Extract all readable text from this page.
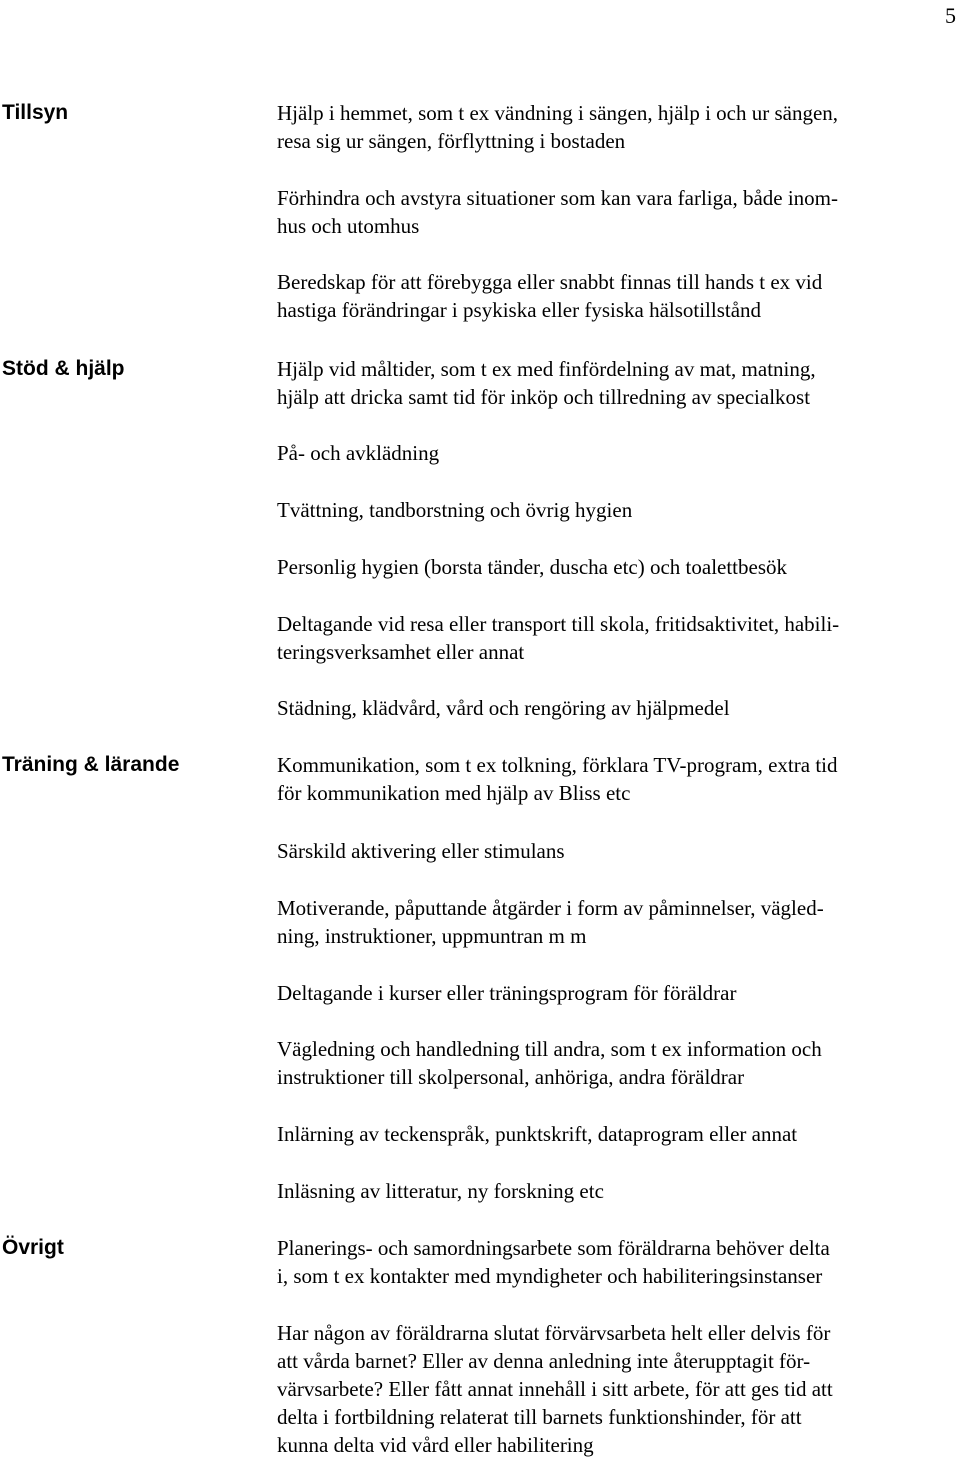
5
Tillsyn	Hjälp i hemmet, som t ex vändning i sängen, hjälp i och ur sängen,
resa sig ur sängen, förflyttning i bostaden
Förhindra och avstyra situationer som kan vara farliga, både inom-
hus och utomhus
Beredskap för att förebygga eller snabbt finnas till hands t ex vid
hastiga förändringar i psykiska eller fysiska hälsotillstånd
Stöd & hjälp	Hjälp vid måltider, som t ex med finfördelning av mat, matning,
hjälp att dricka samt tid för inköp och tillredning av specialkost
På- och avklädning
Tvättning, tandborstning och övrig hygien
Personlig hygien (borsta tänder, duscha etc) och toalettbesök
Deltagande vid resa eller transport till skola, fritidsaktivitet, habili-
teringsverksamhet eller annat
Städning, klädvård, vård och rengöring av hjälpmedel
Träning & lärande	Kommunikation, som t ex tolkning, förklara TV-program, extra tid
för kommunikation med hjälp av Bliss etc
Särskild aktivering eller stimulans
Motiverande, påputtande åtgärder i form av påminnelser, vägled-
ning, instruktioner, uppmuntran m m
Deltagande i kurser eller träningsprogram för föräldrar
Vägledning och handledning till andra, som t ex information och
instruktioner till skolpersonal, anhöriga, andra föräldrar
Inlärning av teckenspråk, punktskrift, dataprogram eller annat
Inläsning av litteratur, ny forskning etc
Övrigt	Planerings- och samordningsarbete som föräldrarna behöver delta
i, som t ex kontakter med myndigheter och habiliteringsinstanser
Har någon av föräldrarna slutat förvärvsarbeta helt eller delvis för
att vårda barnet? Eller av denna anledning inte återupptagit för-
värvsarbete? Eller fått annat innehåll i sitt arbete, för att ges tid att
delta i fortbildning relaterat till barnets funktionshinder, för att
kunna delta vid vård eller habilitering
